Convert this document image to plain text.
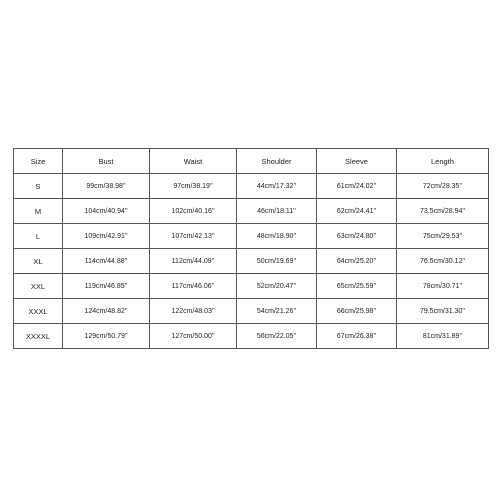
Size	Bust	Waist	Shoulder	Sleeve	Length
S	99cm/38.98''	97cm/38.19''	44cm/17.32''	61cm/24.02''	72cm/28.35''
M	104cm/40.94''	102cm/40.16''	46cm/18.11''	62cm/24.41''	73.5cm/28.94''
L	109cm/42.91''	107cm/42.13''	48cm/18.90''	63cm/24.80''	75cm/29.53''
XL	114cm/44.88''	112cm/44.09''	50cm/19.69''	64cm/25.20''	76.5cm/30.12''
XXL	119cm/46.85''	117cm/46.06''	52cm/20.47''	65cm/25.59''	78cm/30.71''
XXXL	124cm/48.82''	122cm/48.03''	54cm/21.26''	66cm/25.98''	79.5cm/31.30''
XXXXL	129cm/50.79''	127cm/50.00''	56cm/22.05''	67cm/26.38''	81cm/31.89''
